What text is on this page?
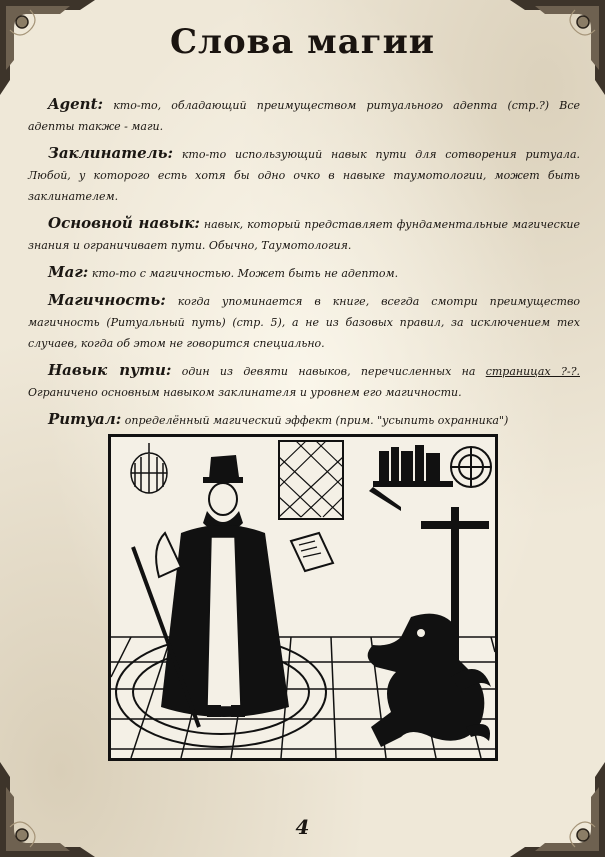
Слова магии

Agent: кто-то, обладающий преимуществом ритуального адепта (стр.?) Все адепты также - маги.

Заклинатель: кто-то использующий навык пути для сотворения ритуала. Любой, у которого есть хотя бы одно очко в навыке таумотологии, может быть заклинателем.

Основной навык: навык, который представляет фундаментальные магические знания и ограничивает пути. Обычно, Таумотология.

Маг: кто-то с магичностью. Может быть не адептом.

Магичность: когда упоминается в книге, всегда смотри преимущество магичность (Ритуальный путь) (стр. 5), а не из базовых правил, за исключением тех случаев, когда об этом не говорится специально.

Навык пути: один из девяти навыков, перечисленных на страницах ?-?. Ограничено основным навыком заклинателя и уровнем его магичности.

Ритуал: определённый магический эффект (прим. "усыпить охранника")

4
